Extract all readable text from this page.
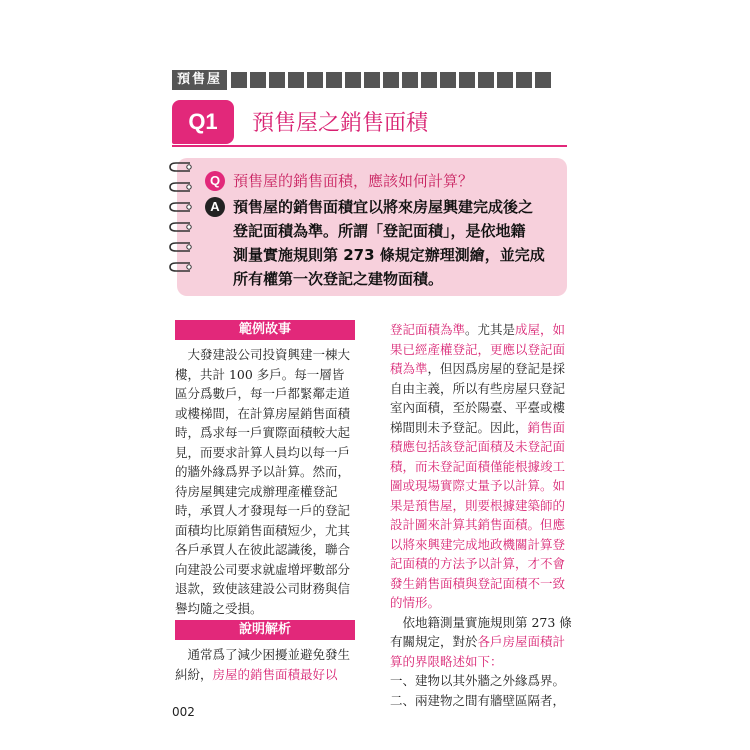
預售屋
Q1	預售屋之銷售面積
Q 預售屋的銷售面積，應該如何計算？
A 預售屋的銷售面積宜以將來房屋興建完成後之
登記面積為準。所謂「登記面積」，是依地籍
測量實施規則第 273 條規定辦理測繪，並完成
所有權第一次登記之建物面積。
範例故事
　大發建設公司投資興建一棟大
樓，共計 100 多戶。每一層皆
區分爲數戶，每一戶都緊鄰走道
或樓梯間，在計算房屋銷售面積
時，爲求每一戶實際面積較大起
見，而要求計算人員均以每一戶
的牆外緣爲界予以計算。然而，
待房屋興建完成辦理產權登記
時，承買人才發現每一戶的登記
面積均比原銷售面積短少，尤其
各戶承買人在彼此認識後，聯合
向建設公司要求就虛增坪數部分
退款，致使該建設公司財務與信
譽均隨之受損。
說明解析
　通常爲了減少困擾並避免發生
糾紛，房屋的銷售面積最好以
登記面積為準。尤其是成屋，如
果已經產權登記，更應以登記面
積為準，但因爲房屋的登記是採
自由主義，所以有些房屋只登記
室內面積，至於陽臺、平臺或樓
梯間則未予登記。因此，銷售面
積應包括該登記面積及未登記面
積，而未登記面積僅能根據竣工
圖或現場實際丈量予以計算。如
果是預售屋，則要根據建築師的
設計圖來計算其銷售面積。但應
以將來興建完成地政機關計算登
記面積的方法予以計算，才不會
發生銷售面積與登記面積不一致
的情形。
　依地籍測量實施規則第 273 條
有關規定，對於各戶房屋面積計
算的界限略述如下：
一、建物以其外牆之外緣爲界。
二、兩建物之間有牆壁區隔者，
002
